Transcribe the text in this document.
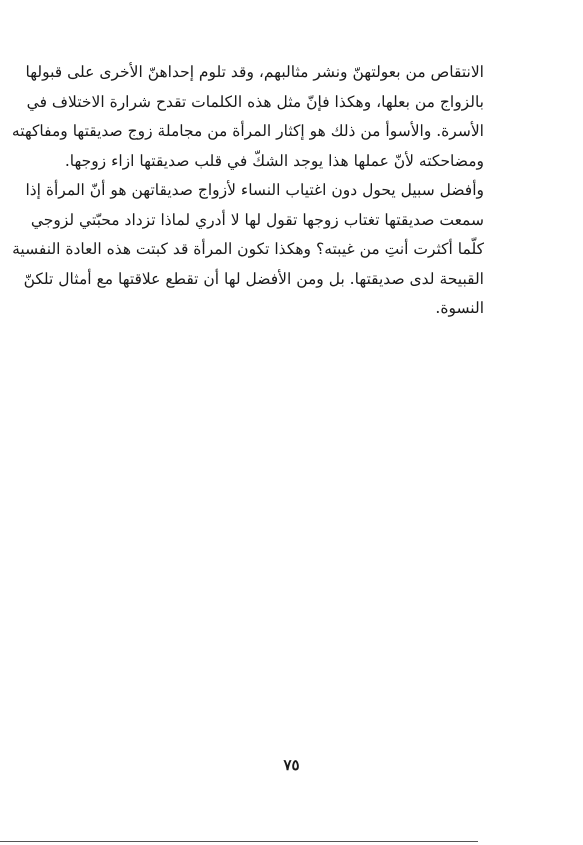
الانتقاص من بعولتهنّ ونشر مثالبهم، وقد تلوم إحداهنّ الأخرى على قبولها
بالزواج من بعلها، وهكذا فإنّ مثل هذه الكلمات تقدح شرارة الاختلاف في
الأسرة. والأسوأ من ذلك هو إكثار المرأة من مجاملة زوج صديقتها ومفاكهته
ومضاحكته لأنّ عملها هذا يوجد الشكّ في قلب صديقتها ازاء زوجها.
وأفضل سبيل يحول دون اغتياب النساء لأزواج صديقاتهن هو أنّ المرأة إذا
سمعت صديقتها تغتاب زوجها تقول لها لا أدري لماذا تزداد محبّتي لزوجي
كلّما أكثرت أنتِ من غيبته؟ وهكذا تكون المرأة قد كبتت هذه العادة النفسية
القبيحة لدى صديقتها. بل ومن الأفضل لها أن تقطع علاقتها مع أمثال تلكنّ
النسوة.
٧٥
